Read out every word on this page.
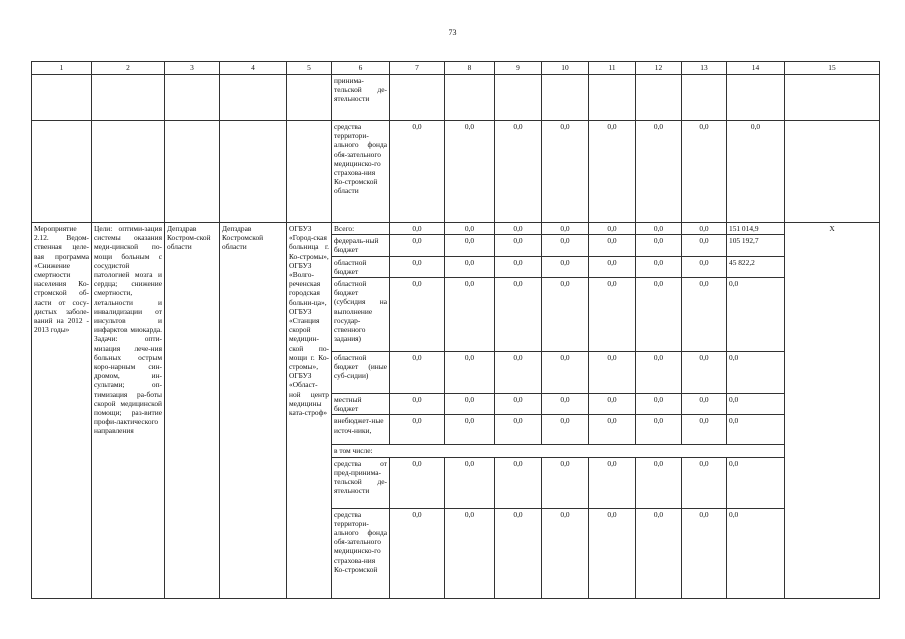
73
1	2	3	4	5	6	7	8	9	10	11	12	13	14	15
					принима-тельской де-ятельности									
					средства территори-ального фонда обя-зательного медицинско-го страхова-ния Ко-стромской области	0,0	0,0	0,0	0,0	0,0	0,0	0,0	0,0	
Мероприятие 2.12. Ведом-ственная целе-вая программа «Снижение смертности населения Ко-стромской об-ласти от сосу-дистых заболе-ваний на 2012 - 2013 годы»	Цели: оптими-зация системы оказания меди-цинской по-мощи больным с сосудистой патологией мозга и сердца; снижение смертности, летальности и инвалидизации от инсультов и инфарктов миокарда. Задачи: опти-мизация лече-ния больных острым коро-нарным син-дромом, ин-сультами; оп-тимизация ра-боты скорой медицинской помощи; раз-витие профи-лактического направления	Депздрав Костром-ской области	Депздрав Костромской области	ОГБУЗ «Город-ская больница г. Ко-стромы», ОГБУЗ «Волго-реченская городская больни-ца», ОГБУЗ «Станция скорой медицин-ской по-мощи г. Ко-стромы», ОГБУЗ «Област-ной центр медицины ката-строф»	Всего:	0,0	0,0	0,0	0,0	0,0	0,0	0,0	151 014,9	X
					федераль-ный бюджет	0,0	0,0	0,0	0,0	0,0	0,0	0,0	105 192,7	
					областной бюджет	0,0	0,0	0,0	0,0	0,0	0,0	0,0	45 822,2	
					областной бюджет (субсидия на выполнение государ-ственного задания)	0,0	0,0	0,0	0,0	0,0	0,0	0,0	0,0	
					областной бюджет (иные суб-сидии)	0,0	0,0	0,0	0,0	0,0	0,0	0,0	0,0	
					местный бюджет	0,0	0,0	0,0	0,0	0,0	0,0	0,0	0,0	
					внебюджет-ные источ-ники,	0,0	0,0	0,0	0,0	0,0	0,0	0,0	0,0	
					в том числе:									
					средства от пред-принима-тельской де-ятельности	0,0	0,0	0,0	0,0	0,0	0,0	0,0	0,0	
					средства территори-ального фонда обя-зательного медицинско-го страхова-ния Ко-стромской	0,0	0,0	0,0	0,0	0,0	0,0	0,0	0,0	
